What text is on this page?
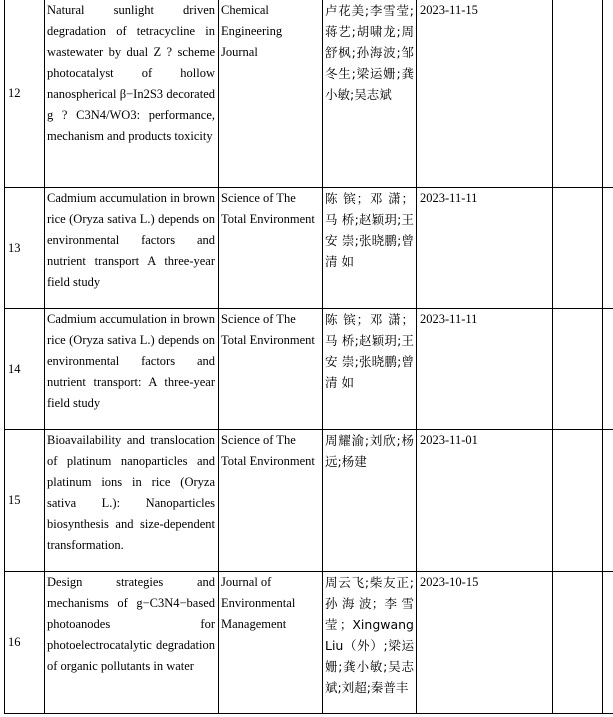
12	Natural sunlight driven degradation of tetracycline in wastewater by dual Z ? scheme photocatalyst of hollow nanospherical β−In2S3 decorated g ? C3N4/WO3: performance, mechanism and products toxicity	Chemical Engineering Journal	卢花美;李雪莹;蒋艺;胡啸龙;周舒枫;孙海波;邹冬生;梁运姗;龚小敏;吴志斌	2023-11-15		

13	Cadmium accumulation in brown rice (Oryza sativa L.) depends on environmental factors and nutrient transport A three-year field study	Science of The Total Environment	陈 镔；邓 潇；马 桥;赵颖玥;王安 崇;张晓鹏;曾清 如	2023-11-11		

14	Cadmium accumulation in brown rice (Oryza sativa L.) depends on environmental factors and nutrient transport: A three-year field study	Science of The Total Environment	陈 镔；邓 潇；马 桥;赵颖玥;王安 崇;张晓鹏;曾清 如	2023-11-11		

15	Bioavailability and translocation of platinum nanoparticles and platinum ions in rice (Oryza sativa L.): Nanoparticles biosynthesis and size-dependent transformation.	Science of The Total Environment	周耀渝;刘欣;杨远;杨建	2023-11-01		

16	Design strategies and mechanisms of g−C3N4−based photoanodes for photoelectrocatalytic degradation of organic pollutants in water	Journal of Environmental Management	周云飞;柴友正;孙 海 波；李 雪 莹；Xingwang Liu（外）;梁运姗;龚小敏;吴志斌;刘超;秦普丰	2023-10-15		
